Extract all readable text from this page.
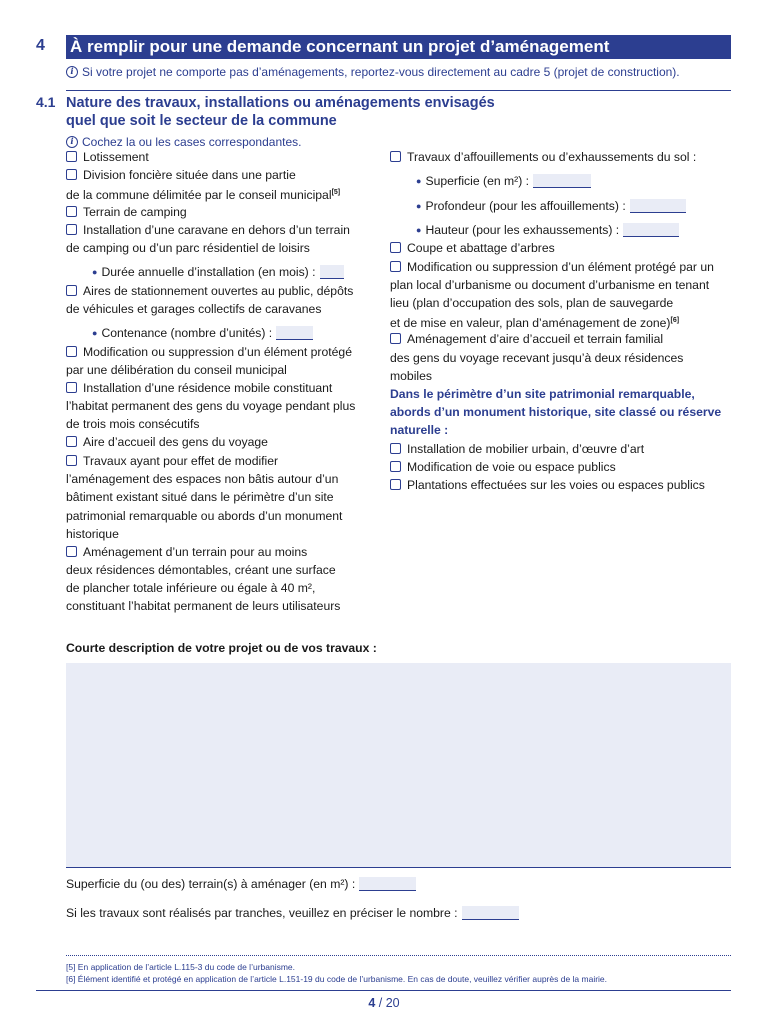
4 À remplir pour une demande concernant un projet d’aménagement
i Si votre projet ne comporte pas d’aménagements, reportez-vous directement au cadre 5 (projet de construction).
4.1 Nature des travaux, installations ou aménagements envisagés
quel que soit le secteur de la commune
i Cochez la ou les cases correspondantes.
Lotissement
Division foncière située dans une partie
de la commune délimitée par le conseil municipal[5]
Terrain de camping
Installation d’une caravane en dehors d’un terrain
de camping ou d’un parc résidentiel de loisirs
● Durée annuelle d’installation (en mois) :
Aires de stationnement ouvertes au public, dépôts
de véhicules et garages collectifs de caravanes
● Contenance (nombre d’unités) :
Modification ou suppression d’un élément protégé
par une délibération du conseil municipal
Installation d’une résidence mobile constituant
l’habitat permanent des gens du voyage pendant plus
de trois mois consécutifs
Aire d’accueil des gens du voyage
Travaux ayant pour effet de modifier
l’aménagement des espaces non bâtis autour d’un
bâtiment existant situé dans le périmètre d’un site
patrimonial remarquable ou abords d’un monument
historique
Aménagement d’un terrain pour au moins
deux résidences démontables, créant une surface
de plancher totale inférieure ou égale à 40 m²,
constituant l’habitat permanent de leurs utilisateurs
Travaux d’affouillements ou d’exhaussements du sol :
● Superficie (en m²) :
● Profondeur (pour les affouillements) :
● Hauteur (pour les exhaussements) :
Coupe et abattage d’arbres
Modification ou suppression d’un élément protégé par un
plan local d’urbanisme ou document d’urbanisme en tenant
lieu (plan d’occupation des sols, plan de sauvegarde
et de mise en valeur, plan d’aménagement de zone)[6]
Aménagement d’aire d’accueil et terrain familial
des gens du voyage recevant jusqu’à deux résidences
mobiles
Dans le périmètre d’un site patrimonial remarquable,
abords d’un monument historique, site classé ou réserve
naturelle :
Installation de mobilier urbain, d’œuvre d’art
Modification de voie ou espace publics
Plantations effectuées sur les voies ou espaces publics
Courte description de votre projet ou de vos travaux :
Superficie du (ou des) terrain(s) à aménager (en m²) :
Si les travaux sont réalisés par tranches, veuillez en préciser le nombre :
[5] En application de l’article L.115-3 du code de l’urbanisme.
[6] Élément identifié et protégé en application de l’article L.151-19 du code de l’urbanisme. En cas de doute, veuillez vérifier auprès de la mairie.
4 / 20
